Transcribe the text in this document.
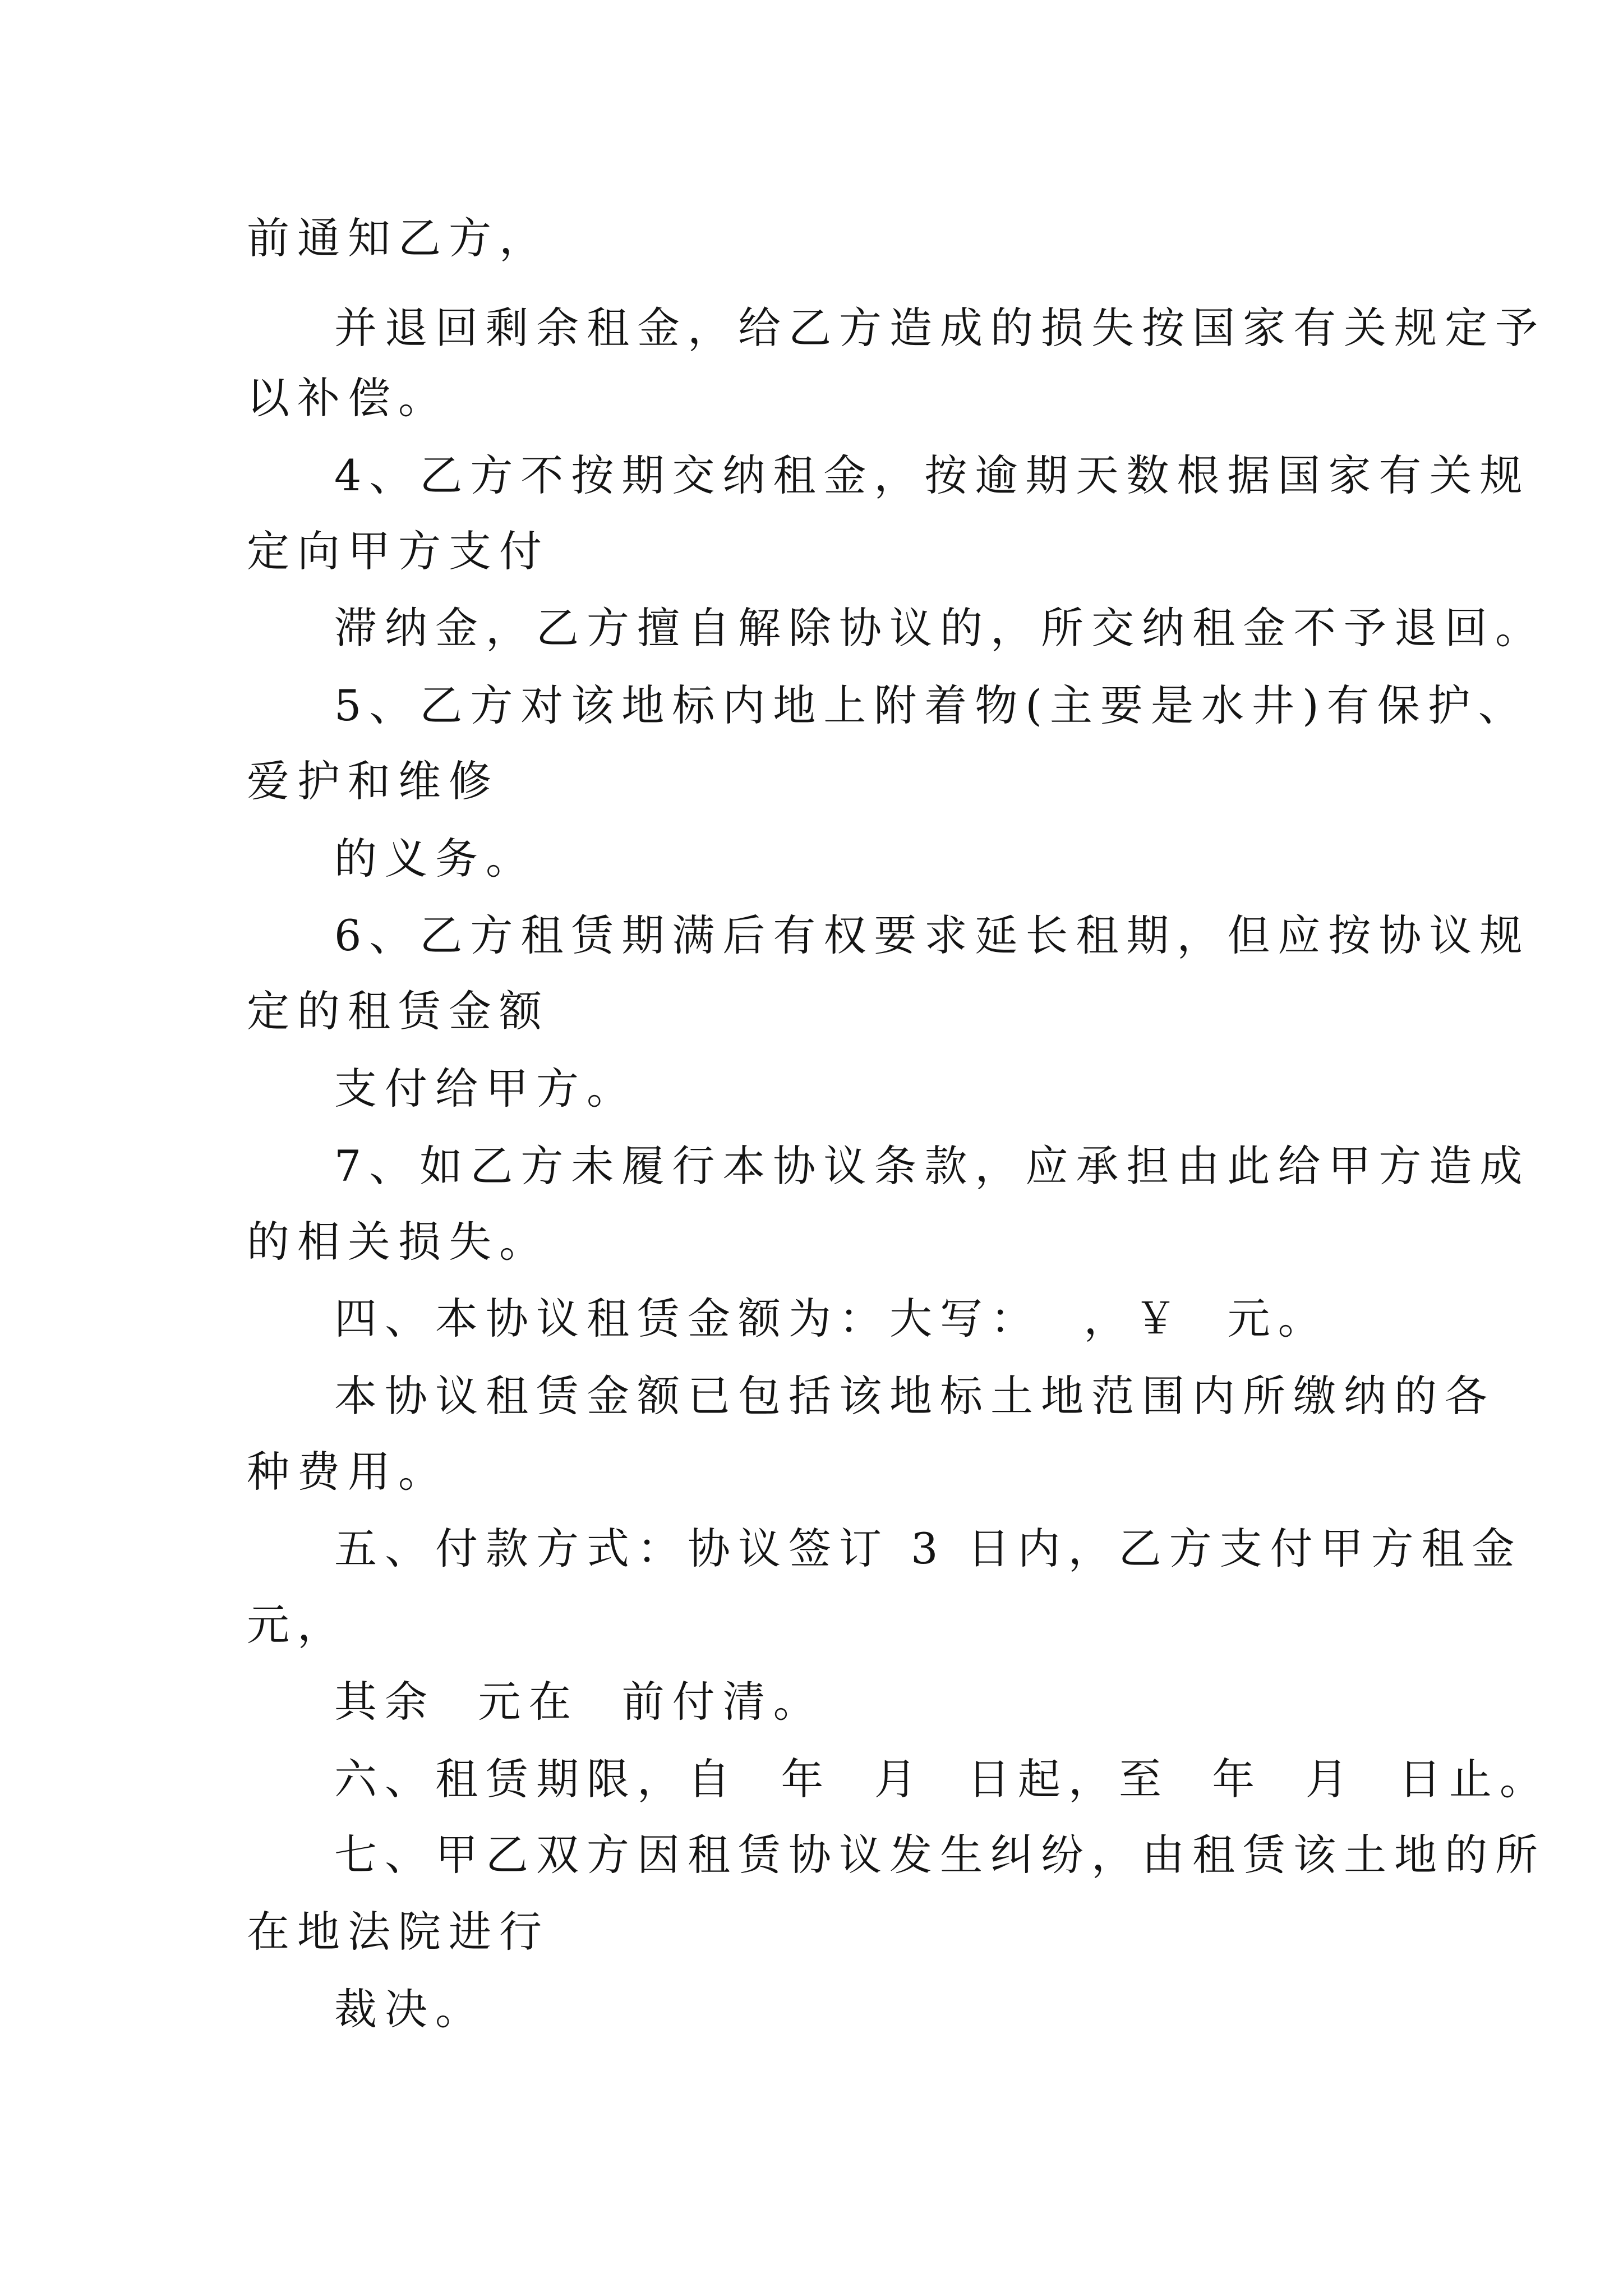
前通知乙方，

并退回剩余租金，给乙方造成的损失按国家有关规定予

以补偿。

4、乙方不按期交纳租金，按逾期天数根据国家有关规

定向甲方支付

滞纳金，乙方擅自解除协议的，所交纳租金不予退回。

5、乙方对该地标内地上附着物(主要是水井)有保护、

爱护和维修

的义务。

6、乙方租赁期满后有权要求延长租期，但应按协议规

定的租赁金额

支付给甲方。

7、如乙方未履行本协议条款，应承担由此给甲方造成

的相关损失。

四、本协议租赁金额为：大写：  ，￥  元。

本协议租赁金额已包括该地标土地范围内所缴纳的各

种费用。

五、付款方式：协议签订 3 日内，乙方支付甲方租金

元，

其余  元在  前付清。

六、租赁期限，自  年  月  日起，至  年  月  日止。

七、甲乙双方因租赁协议发生纠纷，由租赁该土地的所

在地法院进行

裁决。
